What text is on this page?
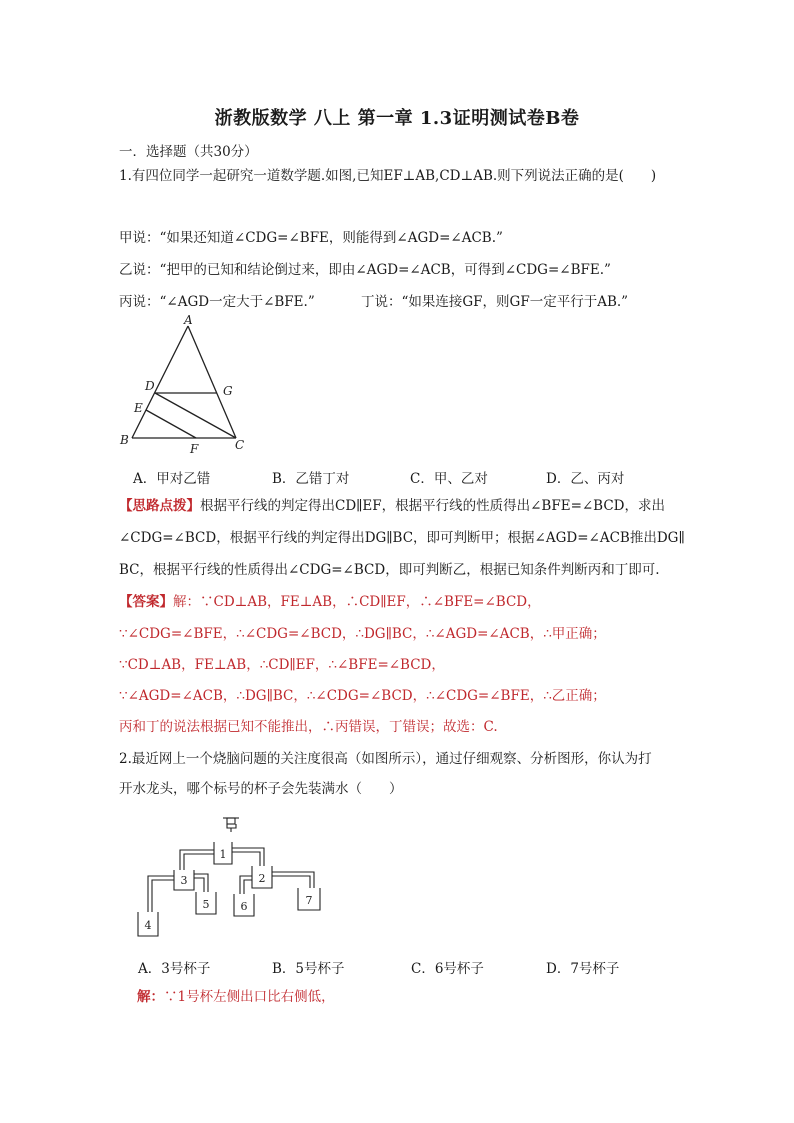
浙教版数学 八上 第一章 1.3证明测试卷B卷
一．选择题（共30分）
1.有四位同学一起研究一道数学题.如图,已知EF⊥AB,CD⊥AB.则下列说法正确的是(　　)
甲说：“如果还知道∠CDG=∠BFE，则能得到∠AGD=∠ACB.”
乙说：“把甲的已知和结论倒过来，即由∠AGD=∠ACB，可得到∠CDG=∠BFE.”
丙说：“∠AGD一定大于∠BFE.”	丁说：“如果连接GF，则GF一定平行于AB.”
A
B	C
D
E
F
G
A．甲对乙错	B．乙错丁对	C．甲、乙对	D．乙、丙对
【思路点拨】根据平行线的判定得出CD∥EF，根据平行线的性质得出∠BFE=∠BCD，求出
∠CDG=∠BCD，根据平行线的判定得出DG∥BC，即可判断甲；根据∠AGD=∠ACB推出DG∥
BC，根据平行线的性质得出∠CDG=∠BCD，即可判断乙，根据已知条件判断丙和丁即可.
【答案】解：∵CD⊥AB，FE⊥AB，∴CD∥EF，∴∠BFE=∠BCD，
∵∠CDG=∠BFE，∴∠CDG=∠BCD，∴DG∥BC，∴∠AGD=∠ACB，∴甲正确；
∵CD⊥AB，FE⊥AB，∴CD∥EF，∴∠BFE=∠BCD，
∵∠AGD=∠ACB，∴DG∥BC，∴∠CDG=∠BCD，∴∠CDG=∠BFE，∴乙正确；
丙和丁的说法根据已知不能推出，∴丙错误，丁错误；故选：C.
2.最近网上一个烧脑问题的关注度很高（如图所示），通过仔细观察、分析图形，你认为打
开水龙头，哪个标号的杯子会先装满水（　　）
1
2
3
4
5	6	7
A．3号杯子	B．5号杯子	C．6号杯子	D．7号杯子
解：∵1号杯左侧出口比右侧低，
